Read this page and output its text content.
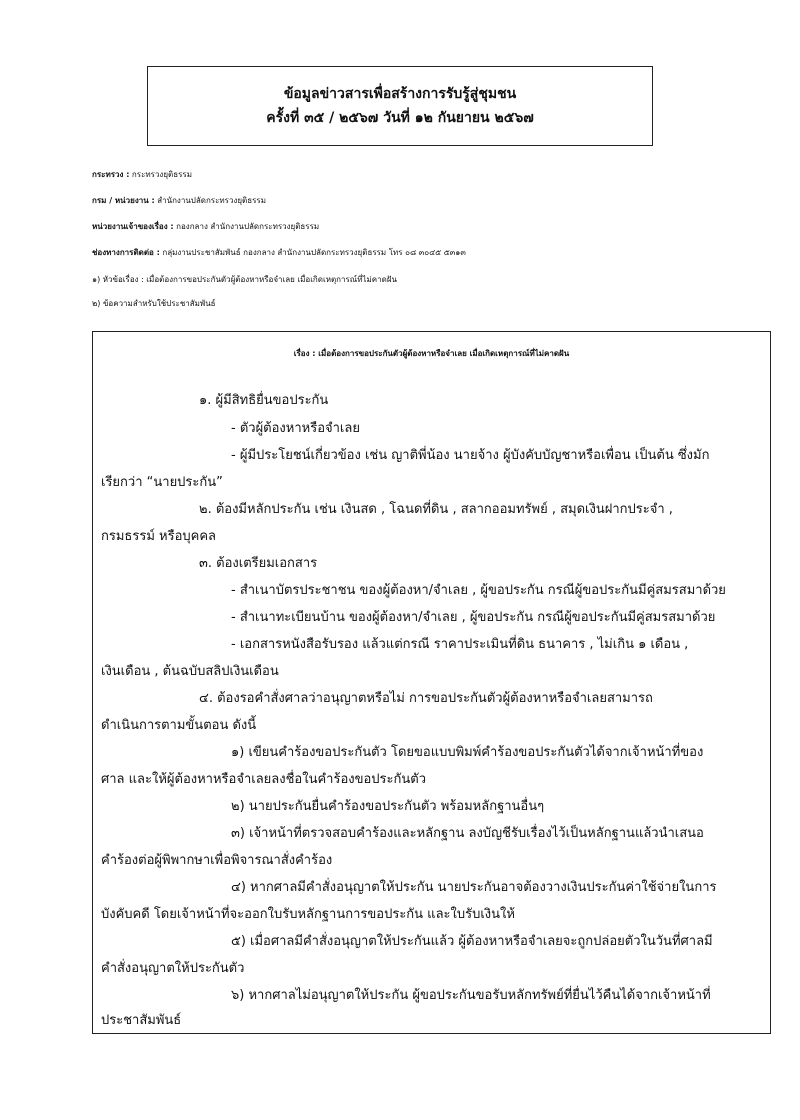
ข้อมูลข่าวสารเพื่อสร้างการรับรู้สู่ชุมชน
ครั้งที่ ๓๕ / ๒๕๖๗ วันที่ ๑๒ กันยายน ๒๕๖๗
กระทรวง : กระทรวงยุติธรรม
กรม / หน่วยงาน : สำนักงานปลัดกระทรวงยุติธรรม
หน่วยงานเจ้าของเรื่อง : กองกลาง สำนักงานปลัดกระทรวงยุติธรรม
ช่องทางการติดต่อ : กลุ่มงานประชาสัมพันธ์ กองกลาง สำนักงานปลัดกระทรวงยุติธรรม โทร ๐๘ ๓๐๔๕ ๕๓๑๓
๑) หัวข้อเรื่อง : เมื่อต้องการขอประกันตัวผู้ต้องหาหรือจำเลย เมื่อเกิดเหตุการณ์ที่ไม่คาดฝัน
๒) ข้อความสำหรับใช้ประชาสัมพันธ์
เรื่อง : เมื่อต้องการขอประกันตัวผู้ต้องหาหรือจำเลย เมื่อเกิดเหตุการณ์ที่ไม่คาดฝัน
๑. ผู้มีสิทธิยื่นขอประกัน
- ตัวผู้ต้องหาหรือจำเลย
- ผู้มีประโยชน์เกี่ยวข้อง เช่น ญาติพี่น้อง นายจ้าง ผู้บังคับบัญชาหรือเพื่อน เป็นต้น ซึ่งมัก
เรียกว่า “นายประกัน”
๒. ต้องมีหลักประกัน เช่น เงินสด , โฉนดที่ดิน , สลากออมทรัพย์ , สมุดเงินฝากประจำ ,
กรมธรรม์ หรือบุคคล
๓. ต้องเตรียมเอกสาร
- สำเนาบัตรประชาชน ของผู้ต้องหา/จำเลย , ผู้ขอประกัน กรณีผู้ขอประกันมีคู่สมรสมาด้วย
- สำเนาทะเบียนบ้าน ของผู้ต้องหา/จำเลย , ผู้ขอประกัน กรณีผู้ขอประกันมีคู่สมรสมาด้วย
- เอกสารหนังสือรับรอง แล้วแต่กรณี ราคาประเมินที่ดิน ธนาคาร , ไม่เกิน ๑ เดือน ,
เงินเดือน , ต้นฉบับสลิปเงินเดือน
๔. ต้องรอคำสั่งศาลว่าอนุญาตหรือไม่ การขอประกันตัวผู้ต้องหาหรือจำเลยสามารถ
ดำเนินการตามขั้นตอน ดังนี้
๑) เขียนคำร้องขอประกันตัว โดยขอแบบพิมพ์คำร้องขอประกันตัวได้จากเจ้าหน้าที่ของ
ศาล และให้ผู้ต้องหาหรือจำเลยลงชื่อในคำร้องขอประกันตัว
๒) นายประกันยื่นคำร้องขอประกันตัว พร้อมหลักฐานอื่นๆ
๓) เจ้าหน้าที่ตรวจสอบคำร้องและหลักฐาน ลงบัญชีรับเรื่องไว้เป็นหลักฐานแล้วนำเสนอ
คำร้องต่อผู้พิพากษาเพื่อพิจารณาสั่งคำร้อง
๔) หากศาลมีคำสั่งอนุญาตให้ประกัน นายประกันอาจต้องวางเงินประกันค่าใช้จ่ายในการ
บังคับคดี โดยเจ้าหน้าที่จะออกใบรับหลักฐานการขอประกัน และใบรับเงินให้
๕) เมื่อศาลมีคำสั่งอนุญาตให้ประกันแล้ว ผู้ต้องหาหรือจำเลยจะถูกปล่อยตัวในวันที่ศาลมี
คำสั่งอนุญาตให้ประกันตัว
๖) หากศาลไม่อนุญาตให้ประกัน ผู้ขอประกันขอรับหลักทรัพย์ที่ยื่นไว้คืนได้จากเจ้าหน้าที่
ประชาสัมพันธ์
